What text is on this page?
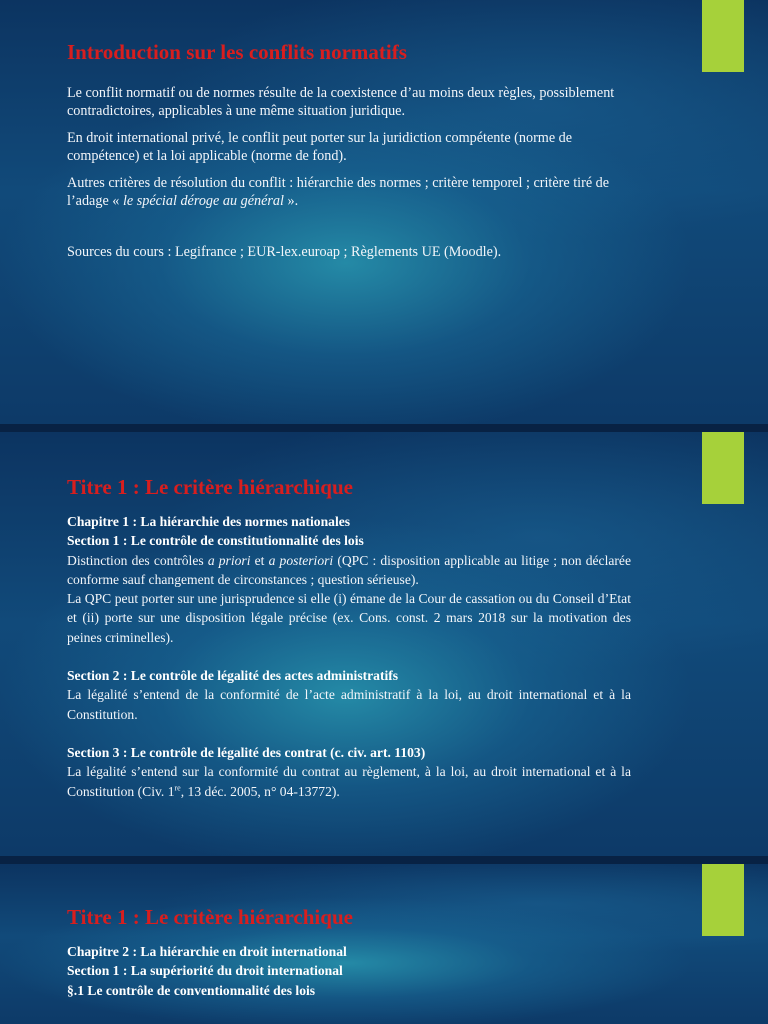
Introduction sur les conflits normatifs

Le conflit normatif ou de normes résulte de la coexistence d’au moins deux règles, possiblement contradictoires, applicables à une même situation juridique.

En droit international privé, le conflit peut porter sur la juridiction compétente (norme de compétence) et la loi applicable (norme de fond).

Autres critères de résolution du conflit : hiérarchie des normes ; critère temporel ; critère tiré de l’adage « le spécial déroge au général ».

Sources du cours : Legifrance ; EUR-lex.euroap ; Règlements UE (Moodle).

Titre 1 : Le critère hiérarchique

Chapitre 1 : La hiérarchie des normes nationales

Section 1 : Le contrôle de constitutionnalité des lois

Distinction des contrôles a priori et a posteriori (QPC : disposition applicable au litige ; non déclarée conforme sauf changement de circonstances ; question sérieuse).

La QPC peut porter sur une jurisprudence si elle (i) émane de la Cour de cassation ou du Conseil d’Etat et (ii) porte sur une disposition légale précise (ex. Cons. const. 2 mars 2018 sur la motivation des peines criminelles).

Section 2 : Le contrôle de légalité des actes administratifs

La légalité s’entend de la conformité de l’acte administratif à la loi, au droit international et à la Constitution.

Section 3 : Le contrôle de légalité des contrat (c. civ. art. 1103)

La légalité s’entend sur la conformité du contrat au règlement, à la loi, au droit international et à la Constitution (Civ. 1re, 13 déc. 2005, n° 04-13772).

Titre 1 : Le critère hiérarchique

Chapitre 2 : La hiérarchie en droit international

Section 1 : La supériorité du droit international

§.1 Le contrôle de conventionnalité des lois
